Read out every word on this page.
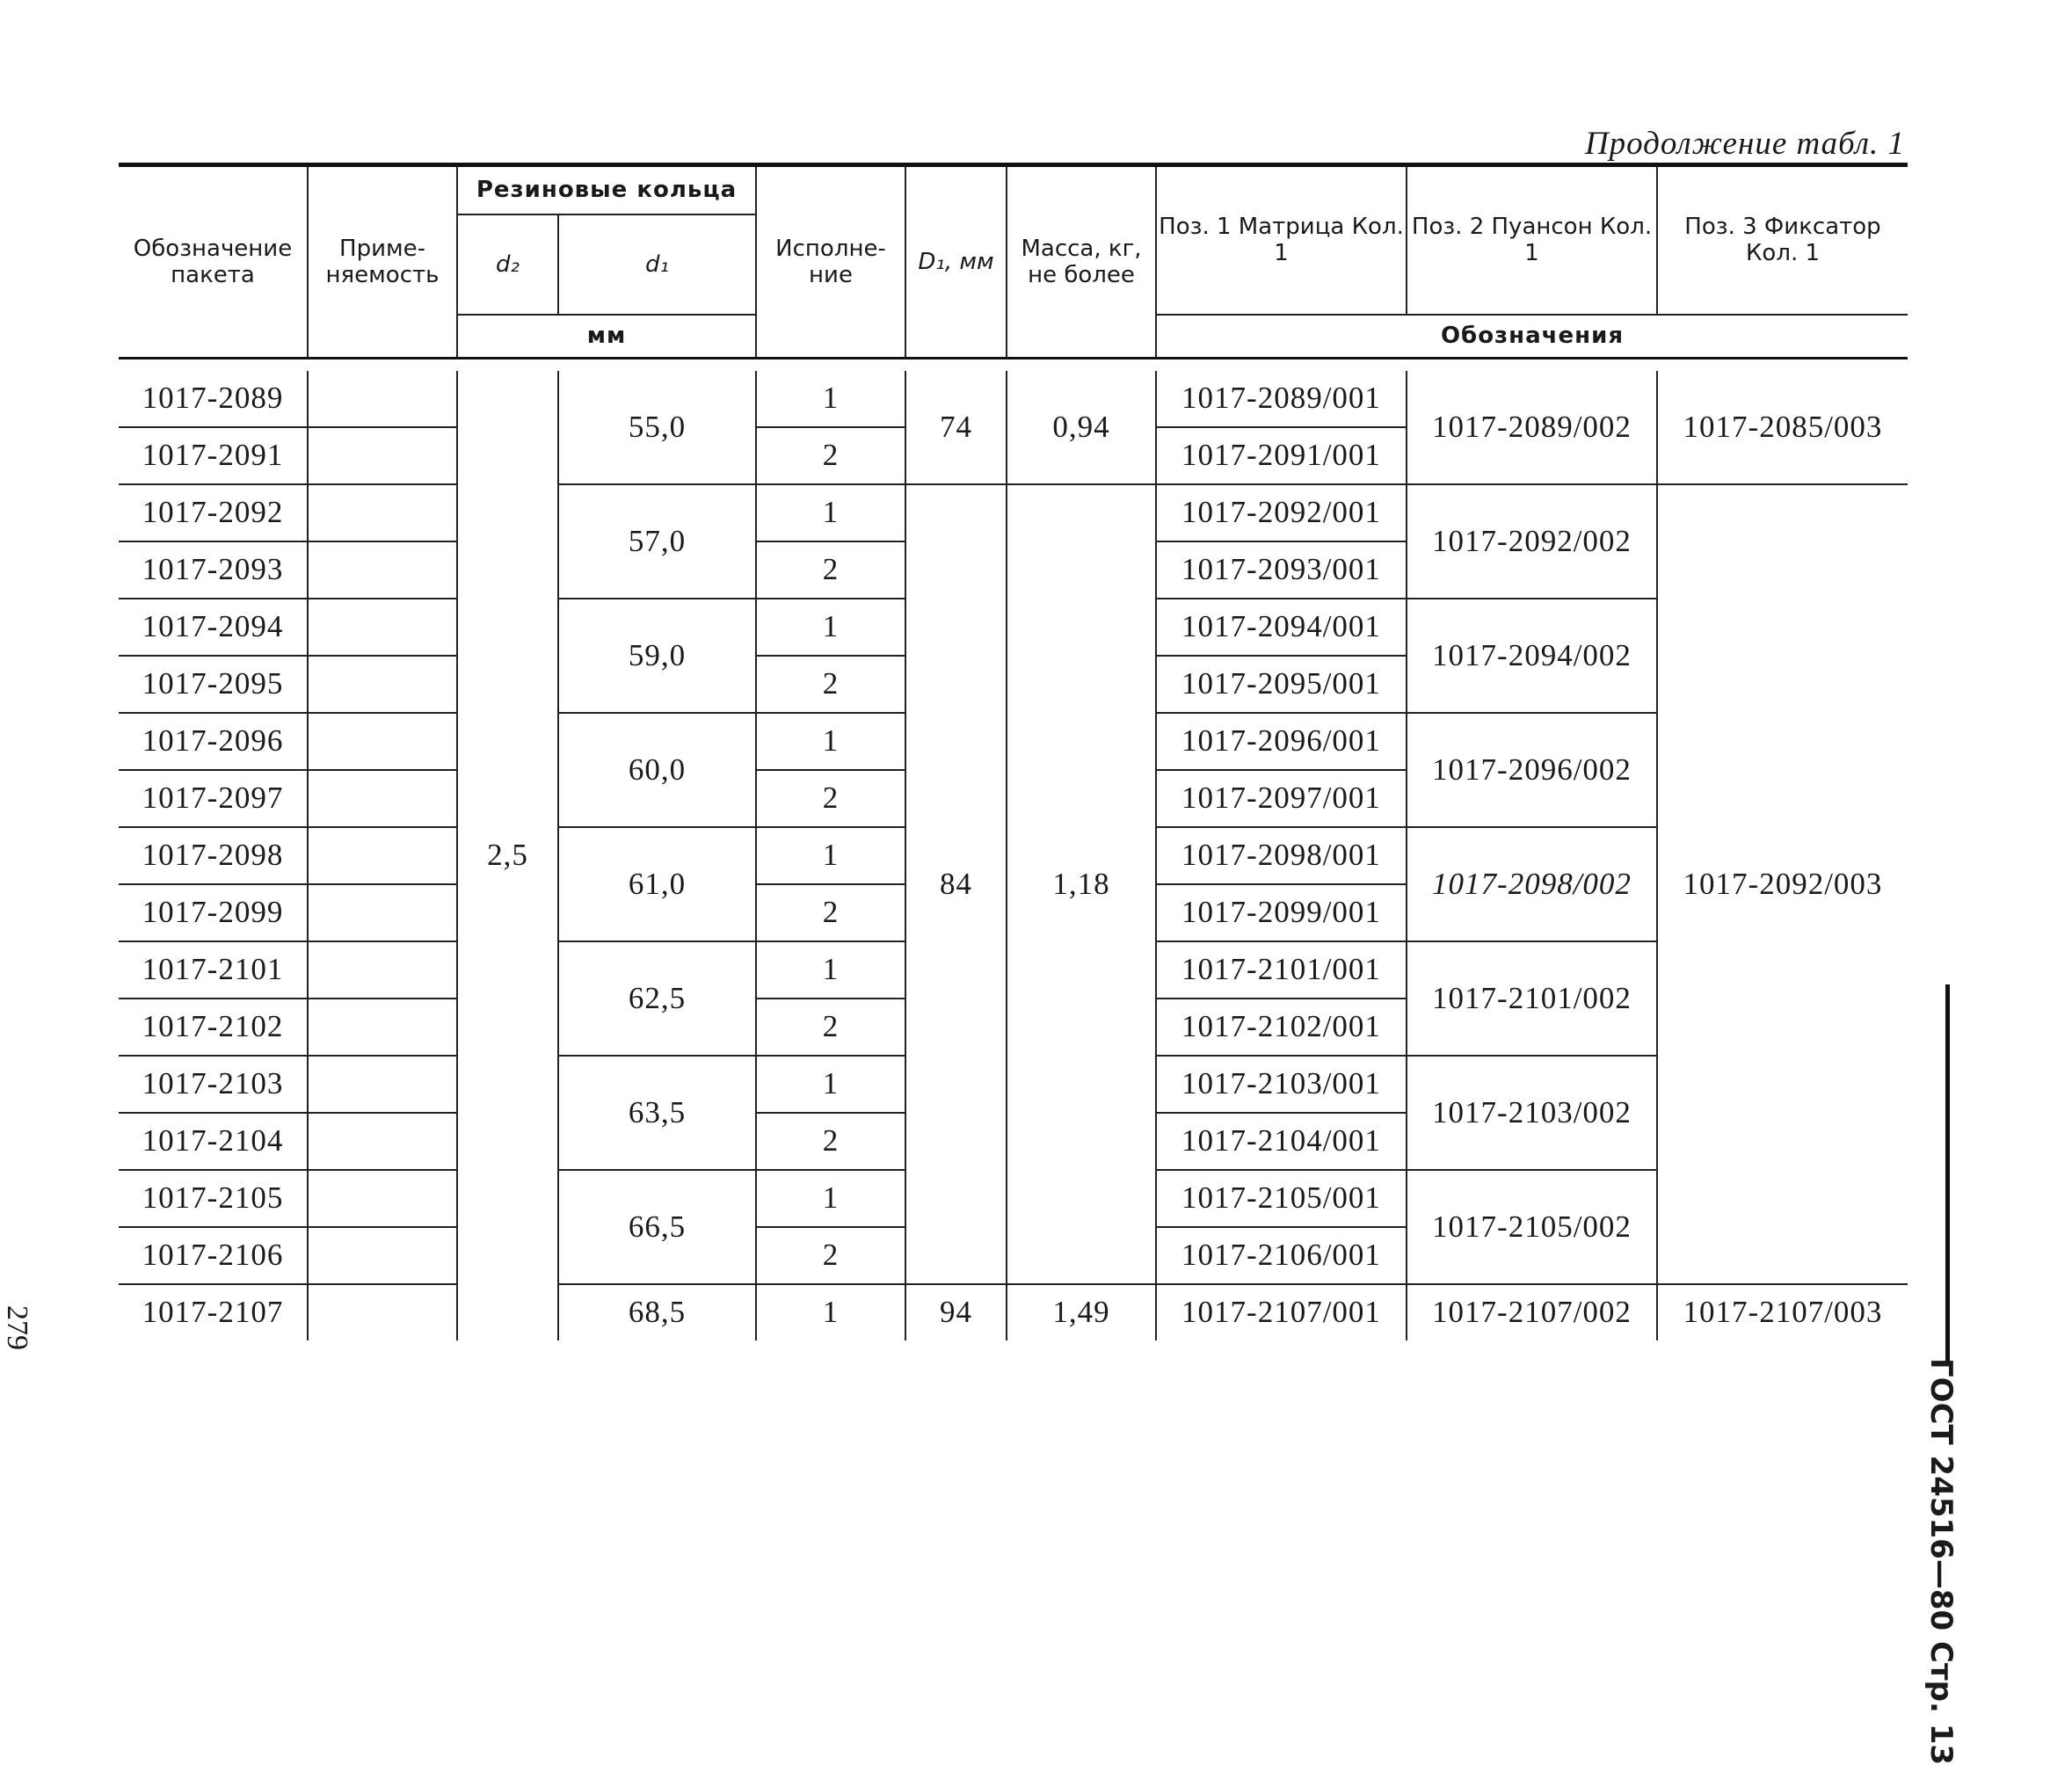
Продолжение табл. 1
Обозначение пакета	Приме- няемость	Резиновые кольца		Исполне- ние	D₁, мм	Масса, кг, не более	Поз. 1 Матрица Кол. 1	Поз. 2 Пуансон Кол. 1	Поз. 3 Фиксатор Кол. 1
		d₂	d₁						
		мм					Обозначения		

1017-2089		2,5	55,0	1	74	0,94	1017-2089/001	1017-2089/002	1017-2085/003
1017-2091				2			1017-2091/001		
1017-2092			57,0	1	84	1,18	1017-2092/001	1017-2092/002	1017-2092/003
1017-2093				2			1017-2093/001		
1017-2094			59,0	1			1017-2094/001	1017-2094/002	
1017-2095				2			1017-2095/001		
1017-2096			60,0	1			1017-2096/001	1017-2096/002	
1017-2097				2			1017-2097/001		
1017-2098			61,0	1			1017-2098/001	1017-2098/002	
1017-2099				2			1017-2099/001		
1017-2101			62,5	1			1017-2101/001	1017-2101/002	
1017-2102				2			1017-2102/001		
1017-2103			63,5	1			1017-2103/001	1017-2103/002	
1017-2104				2			1017-2104/001		
1017-2105			66,5	1			1017-2105/001	1017-2105/002	
1017-2106				2			1017-2106/001		
1017-2107			68,5	1	94	1,49	1017-2107/001	1017-2107/002	1017-2107/003
ГОСТ 24516—80 Стр. 13
279
